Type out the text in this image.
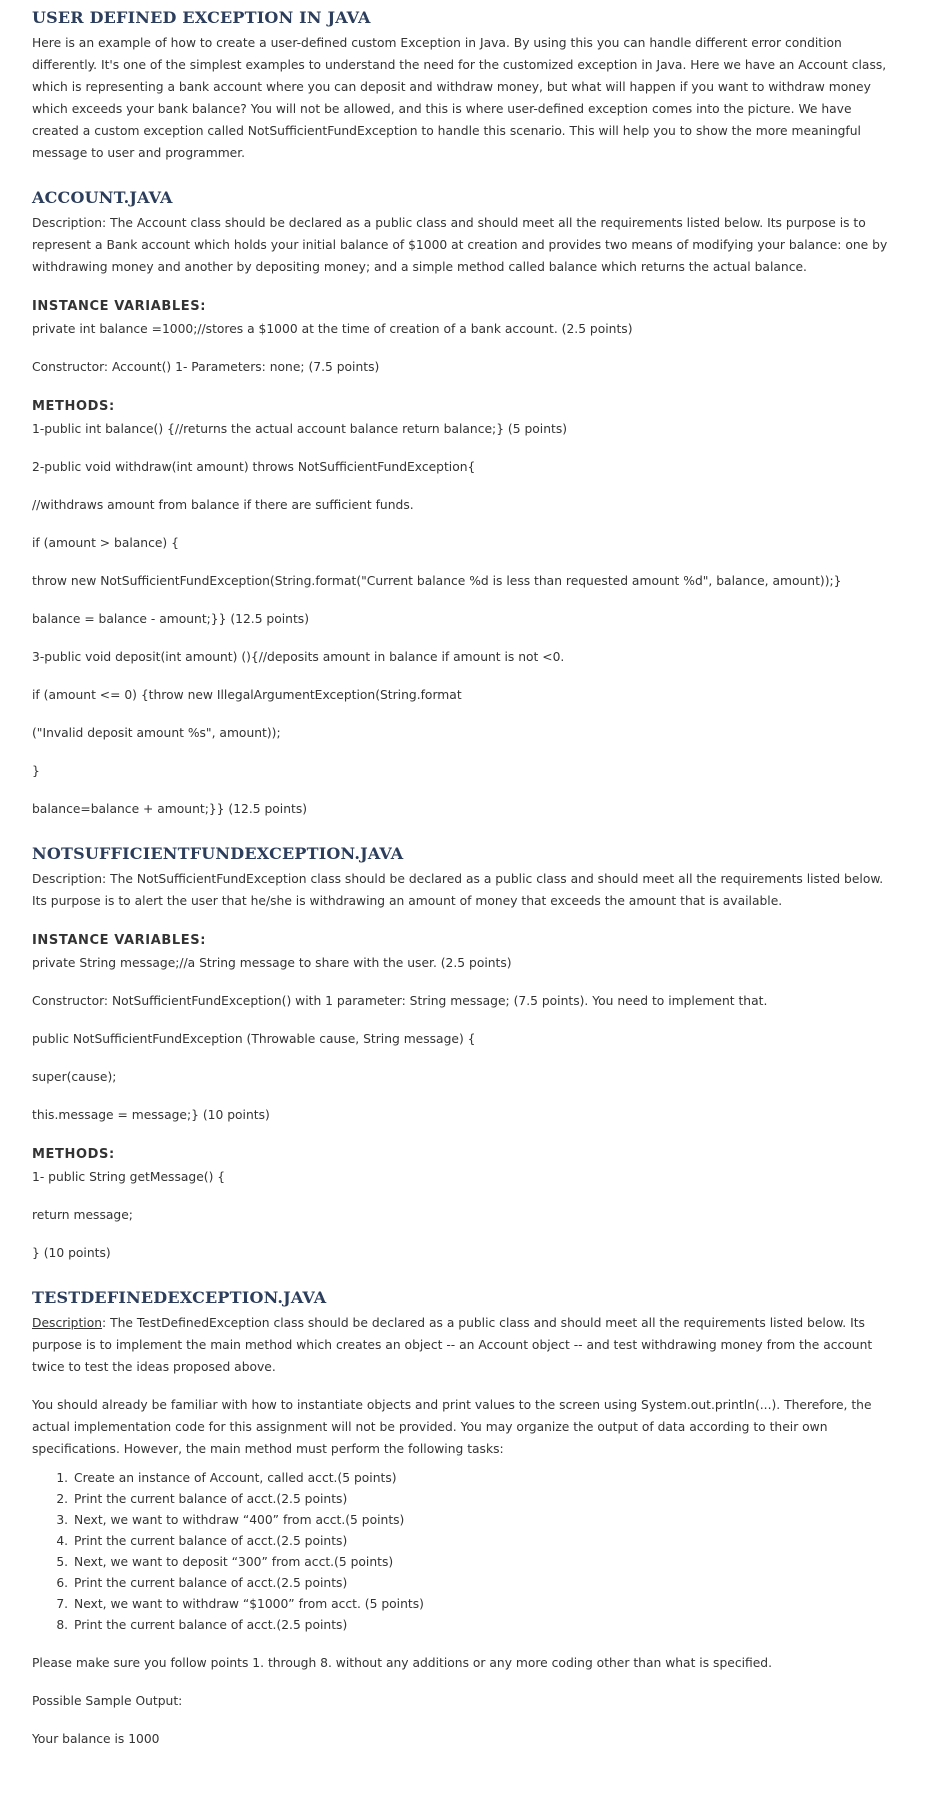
USER DEFINED EXCEPTION IN JAVA

Here is an example of how to create a user-defined custom Exception in Java. By using this you can handle different error condition differently. It's one of the simplest examples to understand the need for the customized exception in Java. Here we have an Account class, which is representing a bank account where you can deposit and withdraw money, but what will happen if you want to withdraw money which exceeds your bank balance? You will not be allowed, and this is where user-defined exception comes into the picture. We have created a custom exception called NotSufficientFundException to handle this scenario. This will help you to show the more meaningful message to user and programmer.

ACCOUNT.JAVA

Description: The Account class should be declared as a public class and should meet all the requirements listed below. Its purpose is to represent a Bank account which holds your initial balance of $1000 at creation and provides two means of modifying your balance: one by withdrawing money and another by depositing money; and a simple method called balance which returns the actual balance.

INSTANCE VARIABLES:

private int balance =1000;//stores a $1000 at the time of creation of a bank account. (2.5 points)

Constructor: Account() 1- Parameters: none; (7.5 points)

METHODS:

1-public int balance() {//returns the actual account balance return balance;} (5 points)

2-public void withdraw(int amount) throws NotSufficientFundException{

//withdraws amount from balance if there are sufficient funds.

if (amount > balance) {

throw new NotSufficientFundException(String.format("Current balance %d is less than requested amount %d", balance, amount));}

balance = balance - amount;}} (12.5 points)

3-public void deposit(int amount) (){//deposits amount in balance if amount is not <0.

if (amount <= 0) {throw new IllegalArgumentException(String.format

("Invalid deposit amount %s", amount));

}

balance=balance + amount;}} (12.5 points)

NOTSUFFICIENTFUNDEXCEPTION.JAVA

Description: The NotSufficientFundException class should be declared as a public class and should meet all the requirements listed below. Its purpose is to alert the user that he/she is withdrawing an amount of money that exceeds the amount that is available.

INSTANCE VARIABLES:

private String message;//a String message to share with the user. (2.5 points)

Constructor: NotSufficientFundException() with 1 parameter: String message; (7.5 points). You need to implement that.

public NotSufficientFundException (Throwable cause, String message) {

super(cause);

this.message = message;} (10 points)

METHODS:

1- public String getMessage() {

return message;

} (10 points)

TESTDEFINEDEXCEPTION.JAVA

Description: The TestDefinedException class should be declared as a public class and should meet all the requirements listed below. Its purpose is to implement the main method which creates an object -- an Account object -- and test withdrawing money from the account twice to test the ideas proposed above.

You should already be familiar with how to instantiate objects and print values to the screen using System.out.println(...). Therefore, the actual implementation code for this assignment will not be provided. You may organize the output of data according to their own specifications. However, the main method must perform the following tasks:

1. Create an instance of Account, called acct.(5 points)
2. Print the current balance of acct.(2.5 points)
3. Next, we want to withdraw “400” from acct.(5 points)
4. Print the current balance of acct.(2.5 points)
5. Next, we want to deposit “300” from acct.(5 points)
6. Print the current balance of acct.(2.5 points)
7. Next, we want to withdraw “$1000” from acct. (5 points)
8. Print the current balance of acct.(2.5 points)

Please make sure you follow points 1. through 8. without any additions or any more coding other than what is specified.

Possible Sample Output:

Your balance is 1000
